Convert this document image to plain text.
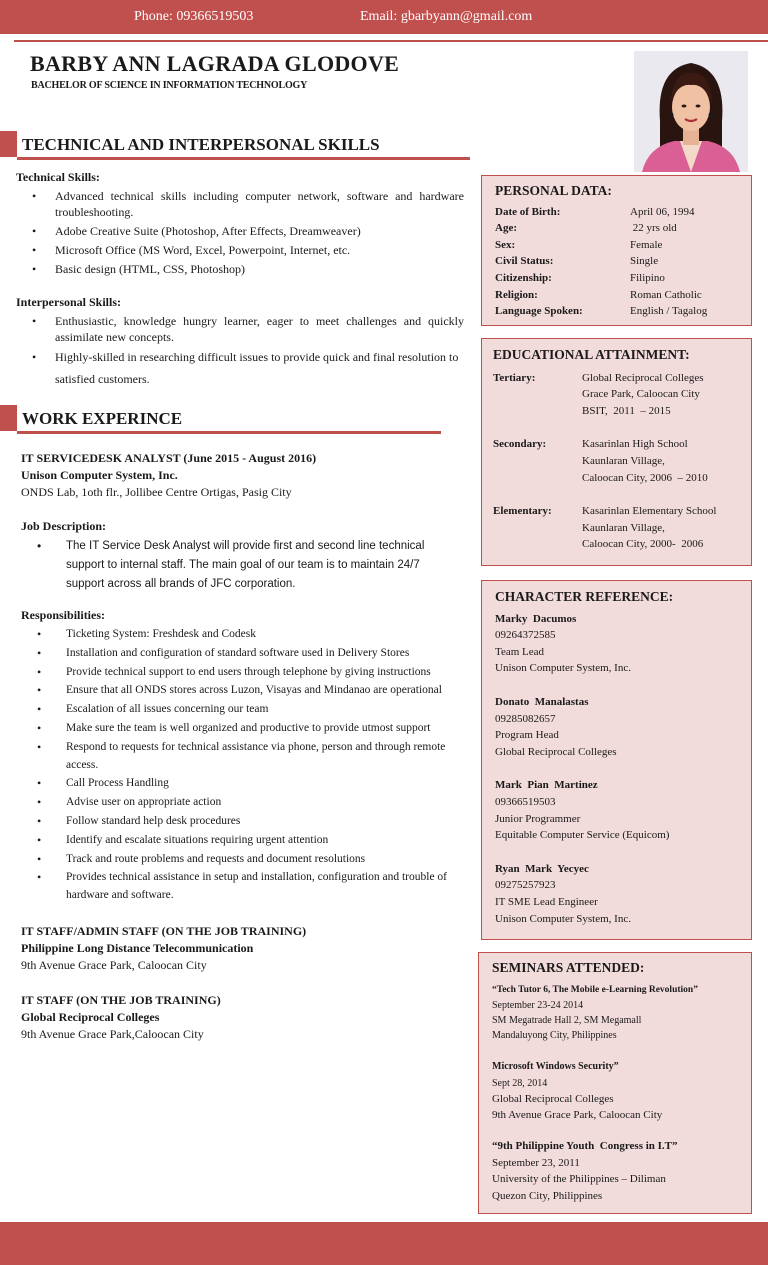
Phone: 09366519503	Email: gbarbyann@gmail.com
BARBY ANN LAGRADA GLODOVE
BACHELOR OF SCIENCE IN INFORMATION TECHNOLOGY
TECHNICAL AND INTERPERSONAL SKILLS
Technical Skills:
• Advanced technical skills including computer network, software and hardware troubleshooting.
• Adobe Creative Suite (Photoshop, After Effects, Dreamweaver)
• Microsoft Office (MS Word, Excel, Powerpoint, Internet, etc.
• Basic design (HTML, CSS, Photoshop)
Interpersonal Skills:
• Enthusiastic, knowledge hungry learner, eager to meet challenges and quickly assimilate new concepts.
• Highly-skilled in researching difficult issues to provide quick and final resolution to satisfied customers.
WORK EXPERINCE
IT SERVICEDESK ANALYST (June 2015 - August 2016)
Unison Computer System, Inc.
ONDS Lab, 1oth flr., Jollibee Centre Ortigas, Pasig City
Job Description:
• The IT Service Desk Analyst will provide first and second line technical support to internal staff. The main goal of our team is to maintain 24/7 support across all brands of JFC corporation.
Responsibilities:
• Ticketing System: Freshdesk and Codesk
• Installation and configuration of standard software used in Delivery Stores
• Provide technical support to end users through telephone by giving instructions
• Ensure that all ONDS stores across Luzon, Visayas and Mindanao are operational
• Escalation of all issues concerning our team
• Make sure the team is well organized and productive to provide utmost support
• Respond to requests for technical assistance via phone, person and through remote access.
• Call Process Handling
• Advise user on appropriate action
• Follow standard help desk procedures
• Identify and escalate situations requiring urgent attention
• Track and route problems and requests and document resolutions
• Provides technical assistance in setup and installation, configuration and trouble of hardware and software.
IT STAFF/ADMIN STAFF (ON THE JOB TRAINING)
Philippine Long Distance Telecommunication
9th Avenue Grace Park, Caloocan City
IT STAFF (ON THE JOB TRAINING)
Global Reciprocal Colleges
9th Avenue Grace Park,Caloocan City
PERSONAL DATA:
Date of Birth:	April 06, 1994
Age:	22 yrs old
Sex:	Female
Civil Status:	Single
Citizenship:	Filipino
Religion:	Roman Catholic
Language Spoken:	English / Tagalog
EDUCATIONAL ATTAINMENT:
Tertiary:	Global Reciprocal Colleges
Grace Park, Caloocan City
BSIT,  2011  – 2015
Secondary:	Kasarinlan High School
Kaunlaran Village,
Caloocan City, 2006  – 2010
Elementary:	Kasarinlan Elementary School
Kaunlaran Village,
Caloocan City, 2000-  2006
CHARACTER REFERENCE:
Marky  Dacumos
09264372585
Team Lead
Unison Computer System, Inc.
Donato  Manalastas
09285082657
Program Head
Global Reciprocal Colleges
Mark  Pian  Martinez
09366519503
Junior Programmer
Equitable Computer Service (Equicom)
Ryan  Mark  Yecyec
09275257923
IT SME Lead Engineer
Unison Computer System, Inc.
SEMINARS ATTENDED:
“Tech Tutor 6, The Mobile e-Learning Revolution”
September 23-24 2014
SM Megatrade Hall 2, SM Megamall
Mandaluyong City, Philippines
Microsoft Windows Security”
Sept 28, 2014
Global Reciprocal Colleges
9th Avenue Grace Park, Caloocan City
“9th Philippine Youth  Congress in I.T”
September 23, 2011
University of the Philippines – Diliman
Quezon City, Philippines
